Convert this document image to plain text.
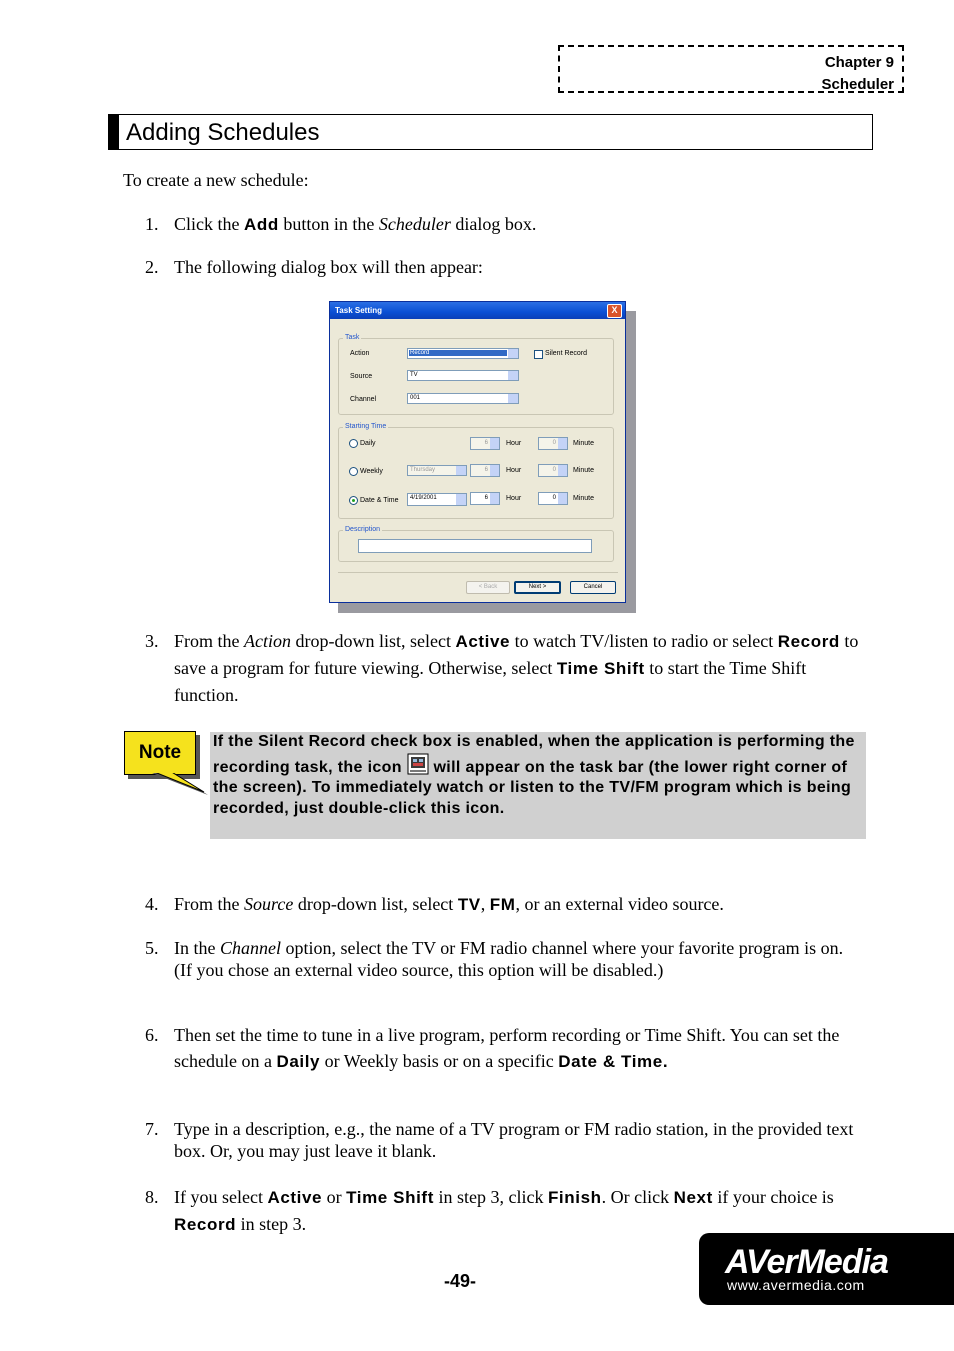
Chapter 9
Scheduler
Adding Schedules
To create a new schedule:
1. Click the Add button in the Scheduler dialog box.
2. The following dialog box will then appear:
Task Setting	X
Task
Action	Record	Silent Record
Source	TV
Channel	001
Starting Time
Daily	6	Hour	0 Minute
Weekly	Thursday	6	Hour	0 Minute
Date & Time 4/19/2001	6	Hour	0 Minute
Description
< Back	Next >	Cancel
3. From the Action drop-down list, select Active to watch TV/listen to radio or select Record to save a program for future viewing. Otherwise, select Time Shift to start the Time Shift function.
Note
If the Silent Record check box is enabled, when the application is performing the recording task, the icon  will appear on the task bar (the lower right corner of the screen). To immediately watch or listen to the TV/FM program which is being recorded, just double-click this icon.
4. From the Source drop-down list, select TV, FM, or an external video source.
5. In the Channel option, select the TV or FM radio channel where your favorite program is on. (If you chose an external video source, this option will be disabled.)
6. Then set the time to tune in a live program, perform recording or Time Shift. You can set the schedule on a Daily or Weekly basis or on a specific Date & Time.
7. Type in a description, e.g., the name of a TV program or FM radio station, in the provided text box. Or, you may just leave it blank.
8. If you select Active or Time Shift in step 3, click Finish. Or click Next if your choice is Record in step 3.
-49-	AVerMedia
www.avermedia.com
